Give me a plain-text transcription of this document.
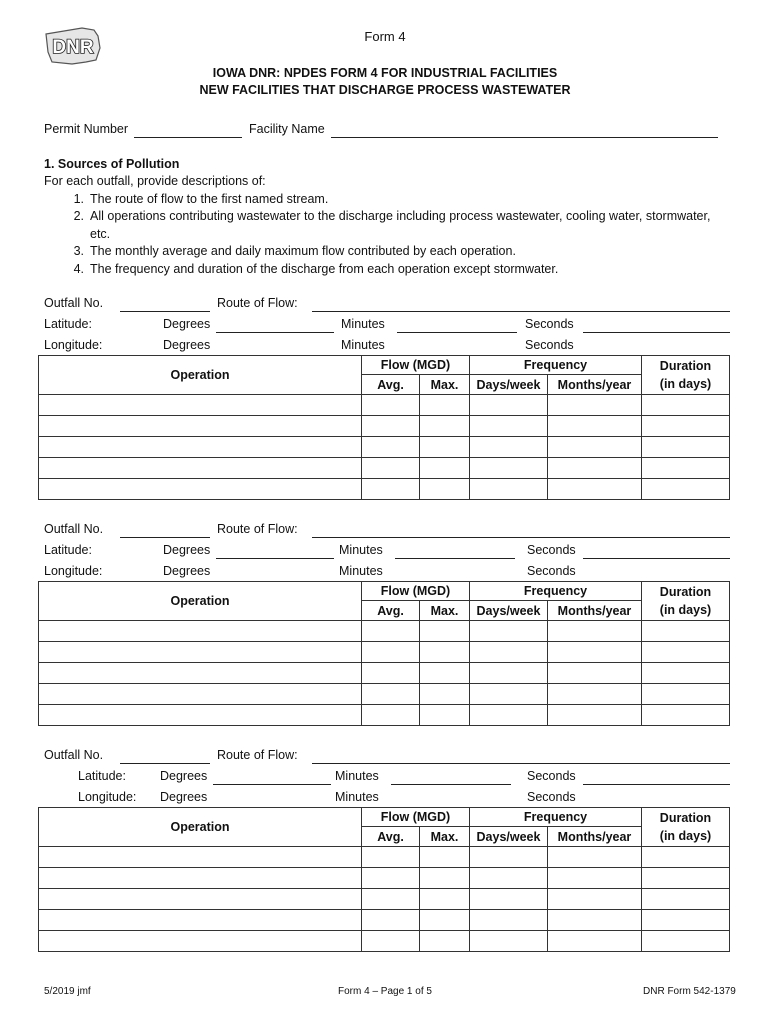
Form 4
DNR
IOWA DNR: NPDES FORM 4 FOR INDUSTRIAL FACILITIES
NEW FACILITIES THAT DISCHARGE PROCESS WASTEWATER
Permit Number	Facility Name
1. Sources of Pollution
For each outfall, provide descriptions of:
1. The route of flow to the first named stream.
2. All operations contributing wastewater to the discharge including process wastewater, cooling water, stormwater, etc.
3. The monthly average and daily maximum flow contributed by each operation.
4. The frequency and duration of the discharge from each operation except stormwater.
Outfall No.	Route of Flow:
Latitude:	Degrees	Minutes	Seconds
Longitude:	Degrees	Minutes	Seconds
Operation	Flow (MGD)		Frequency		Duration
(in days)
	Avg.	Max.	Days/week	Months/year	

Outfall No.	Route of Flow:
Latitude:	Degrees	Minutes	Seconds
Longitude:	Degrees	Minutes	Seconds
Operation	Flow (MGD)		Frequency		Duration
(in days)
	Avg.	Max.	Days/week	Months/year	

Outfall No.	Route of Flow:
Latitude:	Degrees	Minutes	Seconds
Longitude: Degrees	Minutes	Seconds
Operation	Flow (MGD)		Frequency		Duration
(in days)
	Avg.	Max.	Days/week	Months/year	

5/2019 jmf	Form 4 – Page 1 of 5	DNR Form 542-1379
